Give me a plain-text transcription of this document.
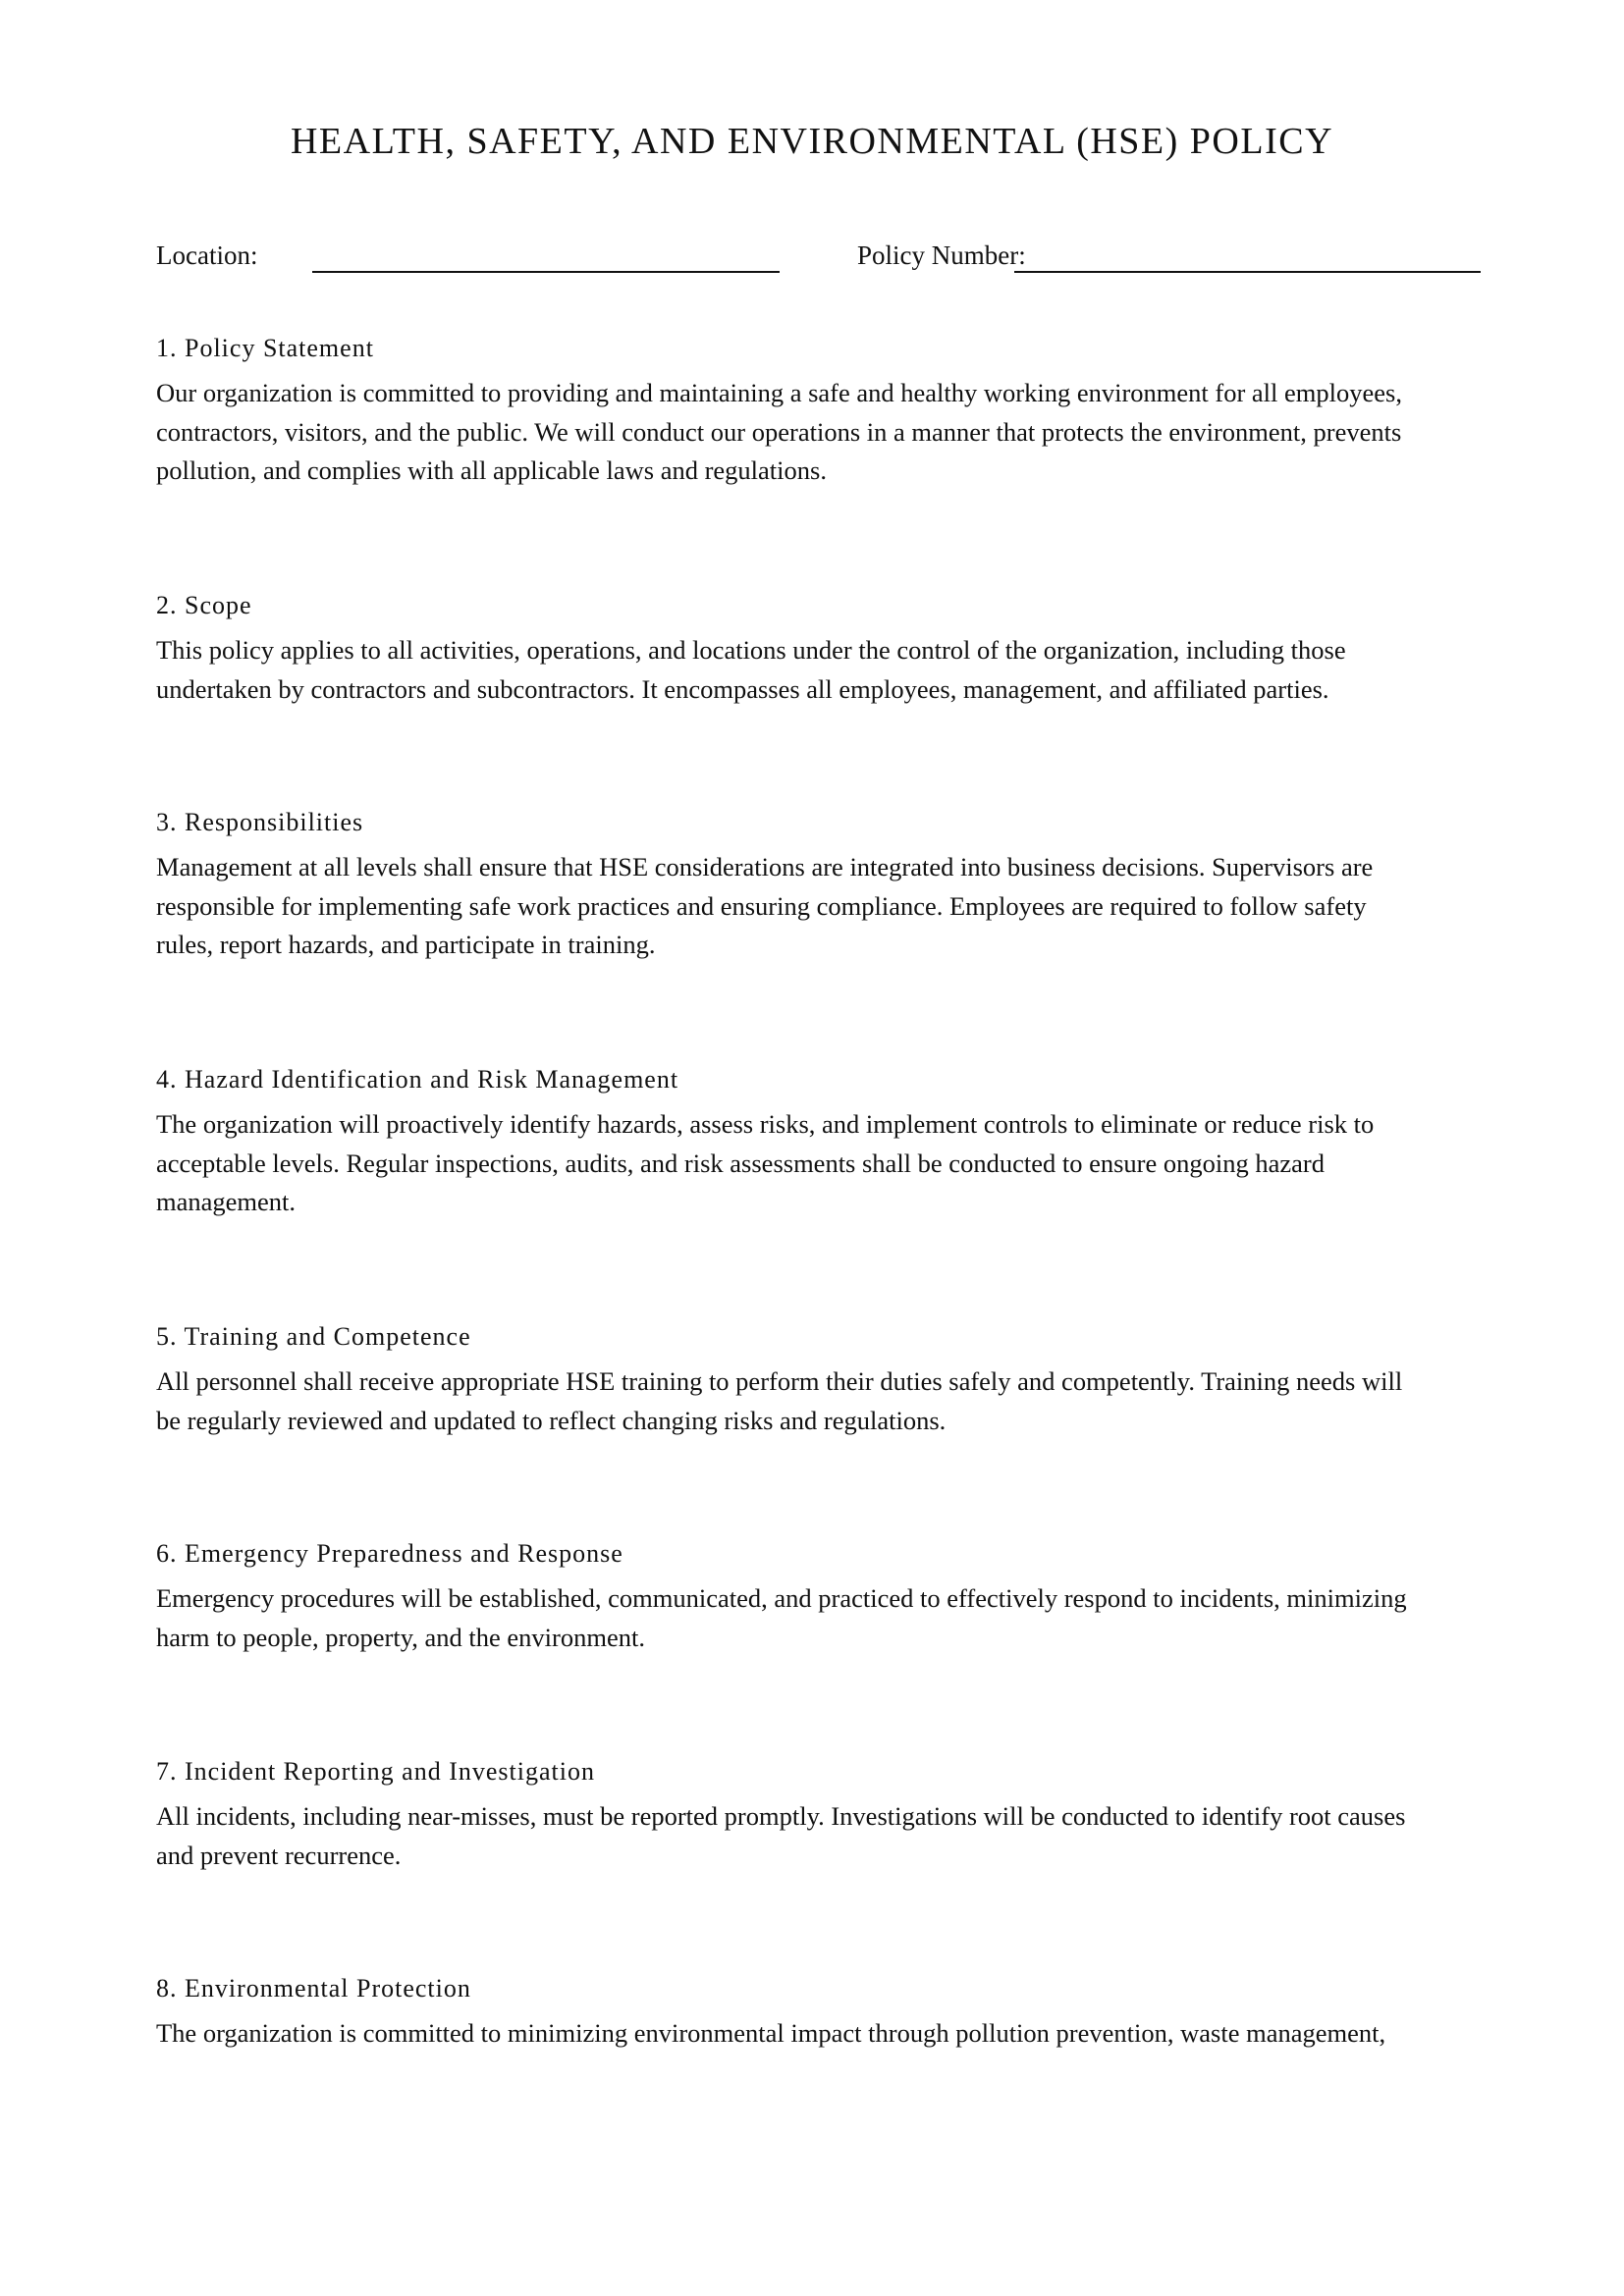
HEALTH, SAFETY, AND ENVIRONMENTAL (HSE) POLICY
Location:	Policy Number:
1. Policy Statement

Our organization is committed to providing and maintaining a safe and healthy working environment for all employees,
contractors, visitors, and the public. We will conduct our operations in a manner that protects the environment, prevents
pollution, and complies with all applicable laws and regulations.

2. Scope

This policy applies to all activities, operations, and locations under the control of the organization, including those
undertaken by contractors and subcontractors. It encompasses all employees, management, and affiliated parties.

3. Responsibilities

Management at all levels shall ensure that HSE considerations are integrated into business decisions. Supervisors are
responsible for implementing safe work practices and ensuring compliance. Employees are required to follow safety
rules, report hazards, and participate in training.

4. Hazard Identification and Risk Management

The organization will proactively identify hazards, assess risks, and implement controls to eliminate or reduce risk to
acceptable levels. Regular inspections, audits, and risk assessments shall be conducted to ensure ongoing hazard
management.

5. Training and Competence

All personnel shall receive appropriate HSE training to perform their duties safely and competently. Training needs will
be regularly reviewed and updated to reflect changing risks and regulations.

6. Emergency Preparedness and Response

Emergency procedures will be established, communicated, and practiced to effectively respond to incidents, minimizing
harm to people, property, and the environment.

7. Incident Reporting and Investigation

All incidents, including near-misses, must be reported promptly. Investigations will be conducted to identify root causes
and prevent recurrence.

8. Environmental Protection

The organization is committed to minimizing environmental impact through pollution prevention, waste management,
